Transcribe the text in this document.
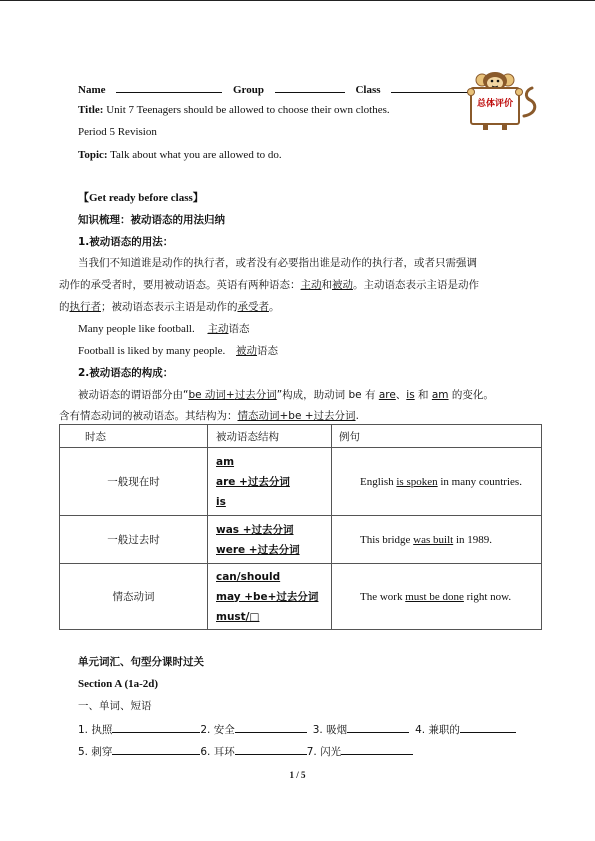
Name	Group	Class
总体评价
Title: Unit 7 Teenagers should be allowed to choose their own clothes.
Period 5 Revision
Topic: Talk about what you are allowed to do.
【Get ready before class】
知识梳理：被动语态的用法归纳
1.被动语态的用法：
当我们不知道谁是动作的执行者，或者没有必要指出谁是动作的执行者，或者只需强调
动作的承受者时，要用被动语态。英语有两种语态：主动和被动。主动语态表示主语是动作
的执行者；被动语态表示主语是动作的承受者。
Many people like football. 主动语态
Football is liked by many people. 被动语态
2.被动语态的构成：
被动语态的谓语部分由“be 动词+过去分词”构成，助动词 be 有 are、is 和 am 的变化。
含有情态动词的被动语态。其结构为：情态动词+be +过去分词.
时态	被动语态结构	例句
一般现在时	am
are +过去分词
is	English is spoken in many countries.
一般过去时	was +过去分词
were +过去分词	This bridge was built in 1989.
情态动词	can/should
may +be+过去分词
must/□	The work must be done right now.
单元词汇、句型分课时过关
Section A (1a-2d)
一、单词、短语
1. 执照	2. 安全	3. 吸烟	4. 兼职的
5. 刺穿	6. 耳环	7. 闪光
1 / 5
